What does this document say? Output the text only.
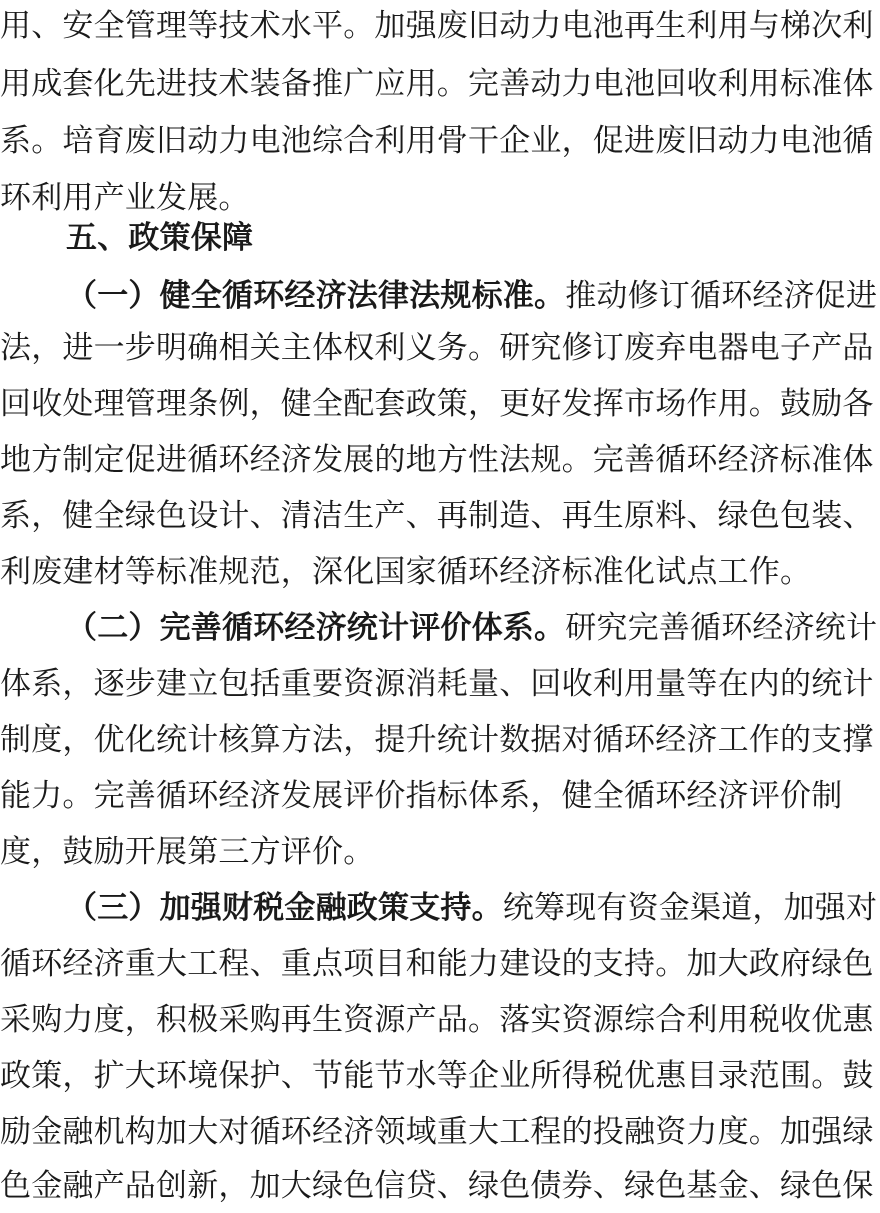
用、安全管理等技术水平。加强废旧动力电池再生利用与梯次利
用成套化先进技术装备推广应用。完善动力电池回收利用标准体
系。培育废旧动力电池综合利用骨干企业，促进废旧动力电池循
环利用产业发展。
五、政策保障
（一）健全循环经济法律法规标准。推动修订循环经济促进
法，进一步明确相关主体权利义务。研究修订废弃电器电子产品
回收处理管理条例，健全配套政策，更好发挥市场作用。鼓励各
地方制定促进循环经济发展的地方性法规。完善循环经济标准体
系，健全绿色设计、清洁生产、再制造、再生原料、绿色包装、
利废建材等标准规范，深化国家循环经济标准化试点工作。
（二）完善循环经济统计评价体系。研究完善循环经济统计
体系，逐步建立包括重要资源消耗量、回收利用量等在内的统计
制度，优化统计核算方法，提升统计数据对循环经济工作的支撑
能力。完善循环经济发展评价指标体系，健全循环经济评价制
度，鼓励开展第三方评价。
（三）加强财税金融政策支持。统筹现有资金渠道，加强对
循环经济重大工程、重点项目和能力建设的支持。加大政府绿色
采购力度，积极采购再生资源产品。落实资源综合利用税收优惠
政策，扩大环境保护、节能节水等企业所得税优惠目录范围。鼓
励金融机构加大对循环经济领域重大工程的投融资力度。加强绿
色金融产品创新，加大绿色信贷、绿色债券、绿色基金、绿色保
